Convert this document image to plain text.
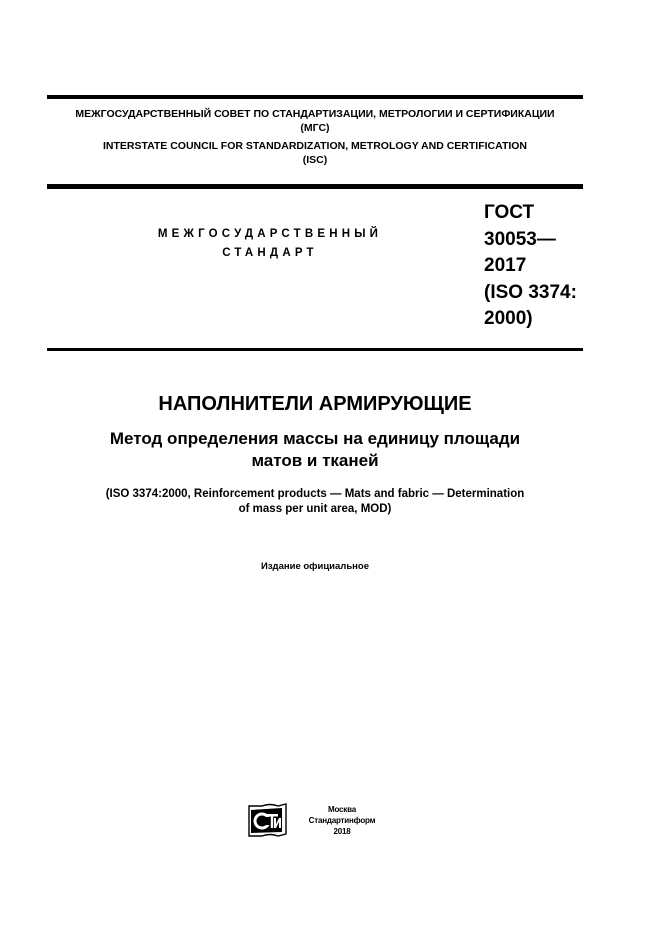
МЕЖГОСУДАРСТВЕННЫЙ СОВЕТ ПО СТАНДАРТИЗАЦИИ, МЕТРОЛОГИИ И СЕРТИФИКАЦИИ
(МГС)
INTERSTATE COUNCIL FOR STANDARDIZATION, METROLOGY AND CERTIFICATION
(ISC)
МЕЖГОСУДАРСТВЕННЫЙ
СТАНДАРТ
ГОСТ
30053—
2017
(ISO 3374:
2000)
НАПОЛНИТЕЛИ АРМИРУЮЩИЕ
Метод определения массы на единицу площади
матов и тканей
(ISO 3374:2000, Reinforcement products — Mats and fabric — Determination
of mass per unit area, MOD)
Издание официальное
Москва
Стандартинформ
2018
